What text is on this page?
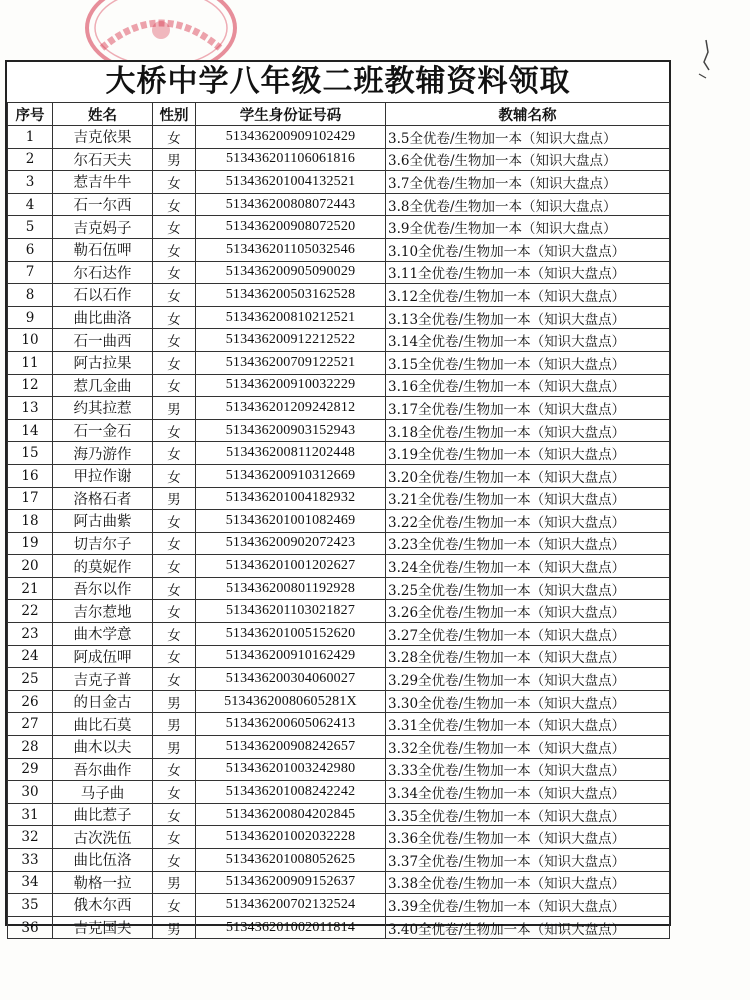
大桥中学八年级二班教辅资料领取
序号	姓名	性别	学生身份证号码	教辅名称
1	吉克依果	女	513436200909102429	3.5全优卷/生物加一本（知识大盘点）
2	尔石天夫	男	513436201106061816	3.6全优卷/生物加一本（知识大盘点）
3	惹吉牛牛	女	513436201004132521	3.7全优卷/生物加一本（知识大盘点）
4	石一尔西	女	513436200808072443	3.8全优卷/生物加一本（知识大盘点）
5	吉克妈子	女	513436200908072520	3.9全优卷/生物加一本（知识大盘点）
6	勒石伍呷	女	513436201105032546	3.10全优卷/生物加一本（知识大盘点）
7	尔石达作	女	513436200905090029	3.11全优卷/生物加一本（知识大盘点）
8	石以石作	女	513436200503162528	3.12全优卷/生物加一本（知识大盘点）
9	曲比曲洛	女	513436200810212521	3.13全优卷/生物加一本（知识大盘点）
10	石一曲西	女	513436200912212522	3.14全优卷/生物加一本（知识大盘点）
11	阿古拉果	女	513436200709122521	3.15全优卷/生物加一本（知识大盘点）
12	惹几金曲	女	513436200910032229	3.16全优卷/生物加一本（知识大盘点）
13	约其拉惹	男	513436201209242812	3.17全优卷/生物加一本（知识大盘点）
14	石一金石	女	513436200903152943	3.18全优卷/生物加一本（知识大盘点）
15	海乃游作	女	513436200811202448	3.19全优卷/生物加一本（知识大盘点）
16	甲拉作谢	女	513436200910312669	3.20全优卷/生物加一本（知识大盘点）
17	洛格石者	男	513436201004182932	3.21全优卷/生物加一本（知识大盘点）
18	阿古曲紫	女	513436201001082469	3.22全优卷/生物加一本（知识大盘点）
19	切吉尔子	女	513436200902072423	3.23全优卷/生物加一本（知识大盘点）
20	的莫妮作	女	513436201001202627	3.24全优卷/生物加一本（知识大盘点）
21	吾尔以作	女	513436200801192928	3.25全优卷/生物加一本（知识大盘点）
22	吉尔惹地	女	513436201103021827	3.26全优卷/生物加一本（知识大盘点）
23	曲木学意	女	513436201005152620	3.27全优卷/生物加一本（知识大盘点）
24	阿成伍呷	女	513436200910162429	3.28全优卷/生物加一本（知识大盘点）
25	吉克子普	女	513436200304060027	3.29全优卷/生物加一本（知识大盘点）
26	的日金古	男	51343620080605281X	3.30全优卷/生物加一本（知识大盘点）
27	曲比石莫	男	513436200605062413	3.31全优卷/生物加一本（知识大盘点）
28	曲木以夫	男	513436200908242657	3.32全优卷/生物加一本（知识大盘点）
29	吾尔曲作	女	513436201003242980	3.33全优卷/生物加一本（知识大盘点）
30	马子曲	女	513436201008242242	3.34全优卷/生物加一本（知识大盘点）
31	曲比惹子	女	513436200804202845	3.35全优卷/生物加一本（知识大盘点）
32	古次洗伍	女	513436201002032228	3.36全优卷/生物加一本（知识大盘点）
33	曲比伍洛	女	513436201008052625	3.37全优卷/生物加一本（知识大盘点）
34	勒格一拉	男	513436200909152637	3.38全优卷/生物加一本（知识大盘点）
35	俄木尔西	女	513436200702132524	3.39全优卷/生物加一本（知识大盘点）
36	吉克国夫	男	513436201002011814	3.40全优卷/生物加一本（知识大盘点）
